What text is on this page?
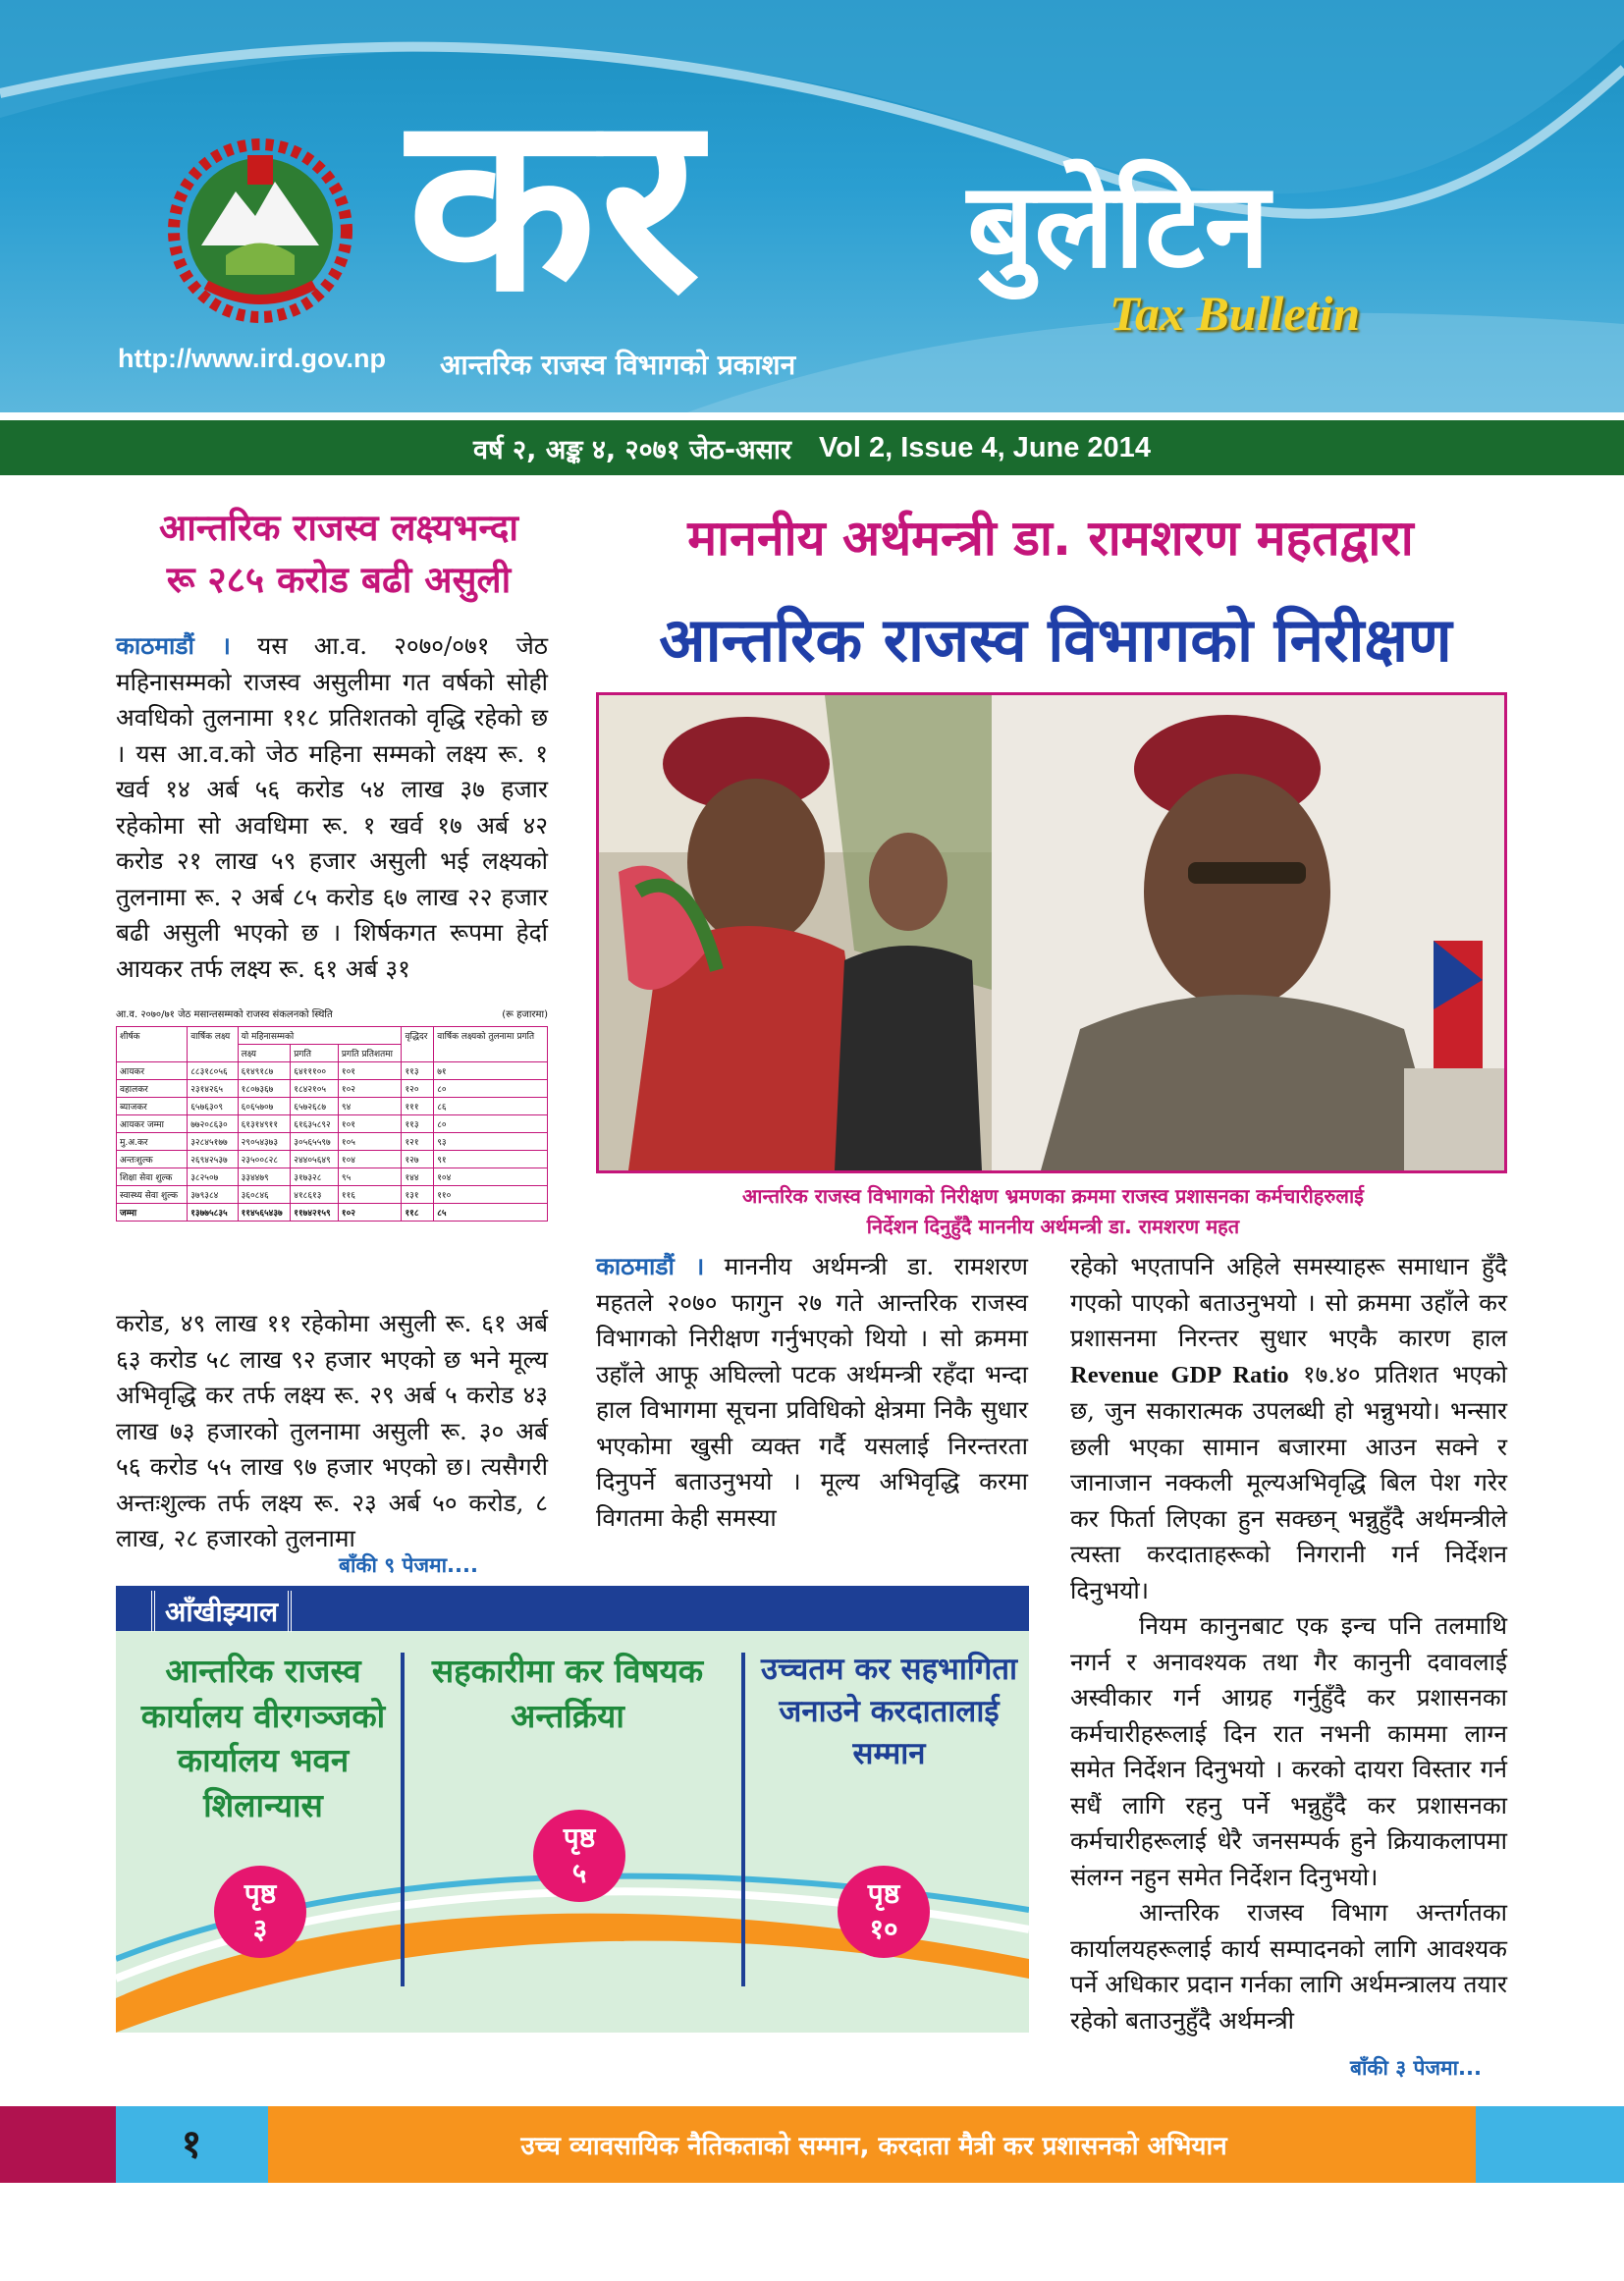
कर बुलेटिन
Tax Bulletin
http://www.ird.gov.np आन्तरिक राजस्व विभागको प्रकाशन
वर्ष २, अङ्क ४, २०७१ जेठ-असार Vol 2, Issue 4, June 2014
आन्तरिक राजस्व लक्ष्यभन्दा
रू २८५ करोड बढी असुली
काठमाडौं । यस आ.व. २०७०/०७१ जेठ महिनासम्मको राजस्व असुलीमा गत वर्षको सोही अवधिको तुलनामा ११८ प्रतिशतको वृद्धि रहेको छ । यस आ.व.को जेठ महिना सम्मको लक्ष्य रू. १ खर्व १४ अर्ब ५६ करोड ५४ लाख ३७ हजार रहेकोमा सो अवधिमा रू. १ खर्व १७ अर्ब ४२ करोड २१ लाख ५९ हजार असुली भई लक्ष्यको तुलनामा रू. २ अर्ब ८५ करोड ६७ लाख २२ हजार बढी असुली भएको छ । शिर्षकगत रूपमा हेर्दा आयकर तर्फ लक्ष्य रू. ६१ अर्ब ३१
आ.व. २०७०/७१ जेठ मसान्तसम्मको राजस्व संकलनको स्थिति	(रू हजारमा)
शीर्षक	वार्षिक लक्ष्य	यो महिनासम्मको			वृद्धिदर	वार्षिक लक्ष्यको तुलनामा प्रगति
		लक्ष्य	प्रगति	प्रगति प्रतिशतमा		
आयकर	८८३१८०५६	६१४९१८७	६४१११००	१०१	११३	७१
वहालकर	२३१४२६५	१८०७३६७	१८४२१०५	१०२	१२०	८०
ब्याजकर	६५७६३०९	६०६५७०७	६५७२६८७	९४	१११	८६
आयकर जम्मा	७७२०८६३०	६१३१४९११	६१६३५८९२	१०१	११३	८०
मु.अ.कर	३२८४५१७७	२९०५४३७३	३०५६५५९७	१०५	१२१	९३
अन्तःशुल्क	२६९४२५३७	२३५००८२८	२४४०५६४९	१०४	१२७	९१
शिक्षा सेवा शुल्क	३८२५०७	३३४४७९	३१७३२८	९५	१४४	१०४
स्वास्थ्य सेवा शुल्क	३७९३८४	३६०८४६	४१८६१३	११६	१३१	११०
जम्मा	१३७७५८३५	११४५६५४३७	११७४२१५९	१०२	११८	८५
करोड, ४९ लाख ११ रहेकोमा असुली रू. ६१ अर्ब ६३ करोड ५८ लाख ९२ हजार भएको छ भने मूल्य अभिवृद्धि कर तर्फ लक्ष्य रू. २९ अर्ब ५ करोड ४३ लाख ७३ हजारको तुलनामा असुली रू. ३० अर्ब ५६ करोड ५५ लाख ९७ हजार भएको छ। त्यसैगरी अन्तःशुल्क तर्फ लक्ष्य रू. २३ अर्ब ५० करोड, ८ लाख, २८ हजारको तुलनामा
बाँकी ९ पेजमा....
माननीय अर्थमन्त्री डा. रामशरण महतद्वारा
आन्तरिक राजस्व विभागको निरीक्षण
आन्तरिक राजस्व विभागको निरीक्षण भ्रमणका क्रममा राजस्व प्रशासनका कर्मचारीहरुलाई
निर्देशन दिनुहुँदै माननीय अर्थमन्त्री डा. रामशरण महत
काठमाडौं । माननीय अर्थमन्त्री डा. रामशरण महतले २०७० फागुन २७ गते आन्तरिक राजस्व विभागको निरीक्षण गर्नुभएको थियो । सो क्रममा उहाँले आफू अघिल्लो पटक अर्थमन्त्री रहँदा भन्दा हाल विभागमा सूचना प्रविधिको क्षेत्रमा निकै सुधार भएकोमा खुसी व्यक्त गर्दै यसलाई निरन्तरता दिनुपर्ने बताउनुभयो । मूल्य अभिवृद्धि करमा विगतमा केही समस्या

रहेको भएतापनि अहिले समस्याहरू समाधान हुँदै गएको पाएको बताउनुभयो । सो क्रममा उहाँले कर प्रशासनमा निरन्तर सुधार भएकै कारण हाल Revenue GDP Ratio १७.४० प्रतिशत भएको छ, जुन सकारात्मक उपलब्धी हो भन्नुभयो। भन्सार छली भएका सामान बजारमा आउन सक्ने र जानाजान नक्कली मूल्यअभिवृद्धि बिल पेश गरेर कर फिर्ता लिएका हुन सक्छन् भन्नुहुँदै अर्थमन्त्रीले त्यस्ता करदाताहरूको निगरानी गर्न निर्देशन दिनुभयो।

नियम कानुनबाट एक इन्च पनि तलमाथि नगर्न र अनावश्यक तथा गैर कानुनी दवावलाई अस्वीकार गर्न आग्रह गर्नुहुँदै कर प्रशासनका कर्मचारीहरूलाई दिन रात नभनी काममा लाग्न समेत निर्देशन दिनुभयो । करको दायरा विस्तार गर्न सधैं लागि रहनु पर्ने भन्नुहुँदै कर प्रशासनका कर्मचारीहरूलाई धेरै जनसम्पर्क हुने क्रियाकलापमा संलग्न नहुन समेत निर्देशन दिनुभयो।

आन्तरिक राजस्व विभाग अन्तर्गतका कार्यालयहरूलाई कार्य सम्पादनको लागि आवश्यक पर्ने अधिकार प्रदान गर्नका लागि अर्थमन्त्रालय तयार रहेको बताउनुहुँदै अर्थमन्त्री

बाँकी ३ पेजमा...
आँखीझ्याल
आन्तरिक राजस्व कार्यालय वीरगञ्जको कार्यालय भवन शिलान्यास
सहकारीमा कर विषयक अन्तर्क्रिया
उच्चतम कर सहभागिता जनाउने करदातालाई सम्मान
पृष्ठ
३
पृष्ठ
५
पृष्ठ
१०
१	उच्च व्यावसायिक नैतिकताको सम्मान, करदाता मैत्री कर प्रशासनको अभियान
